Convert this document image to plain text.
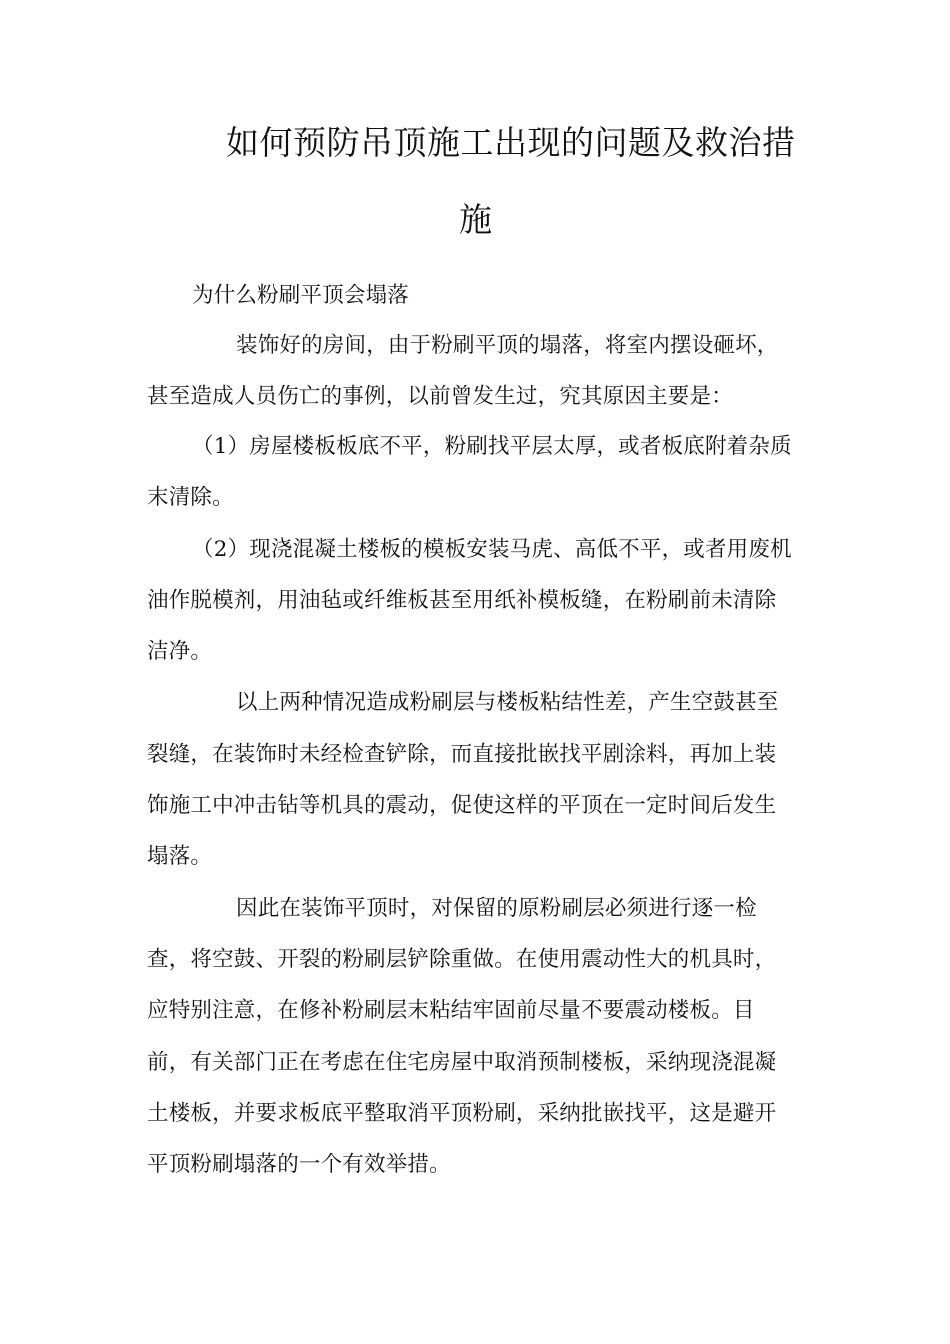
如何预防吊顶施工出现的问题及救治措
施
为什么粉刷平顶会塌落
装饰好的房间，由于粉刷平顶的塌落，将室内摆设砸坏，
甚至造成人员伤亡的事例，以前曾发生过，究其原因主要是：
（1）房屋楼板板底不平，粉刷找平层太厚，或者板底附着杂质
末清除。
（2）现浇混凝土楼板的模板安装马虎、高低不平，或者用废机
油作脱模剂，用油毡或纤维板甚至用纸补模板缝，在粉刷前未清除
洁净。
以上两种情况造成粉刷层与楼板粘结性差，产生空鼓甚至
裂缝，在装饰时未经检查铲除，而直接批嵌找平剧涂料，再加上装
饰施工中冲击钻等机具的震动，促使这样的平顶在一定时间后发生
塌落。
因此在装饰平顶时，对保留的原粉刷层必须进行逐一检
查，将空鼓、开裂的粉刷层铲除重做。在使用震动性大的机具时，
应特别注意，在修补粉刷层末粘结牢固前尽量不要震动楼板。目
前，有关部门正在考虑在住宅房屋中取消预制楼板，采纳现浇混凝
土楼板，并要求板底平整取消平顶粉刷，采纳批嵌找平，这是避开
平顶粉刷塌落的一个有效举措。
